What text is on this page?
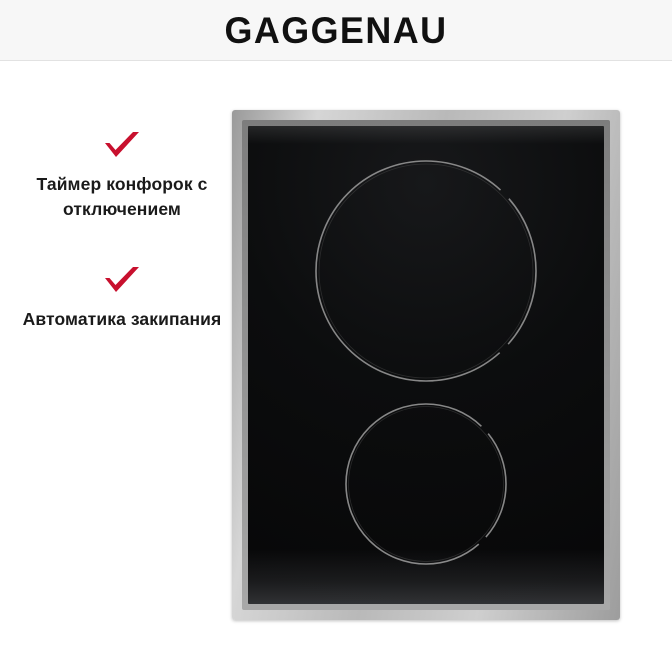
GAGGENAU
Таймер конфорок с отключением
Автоматика закипания
